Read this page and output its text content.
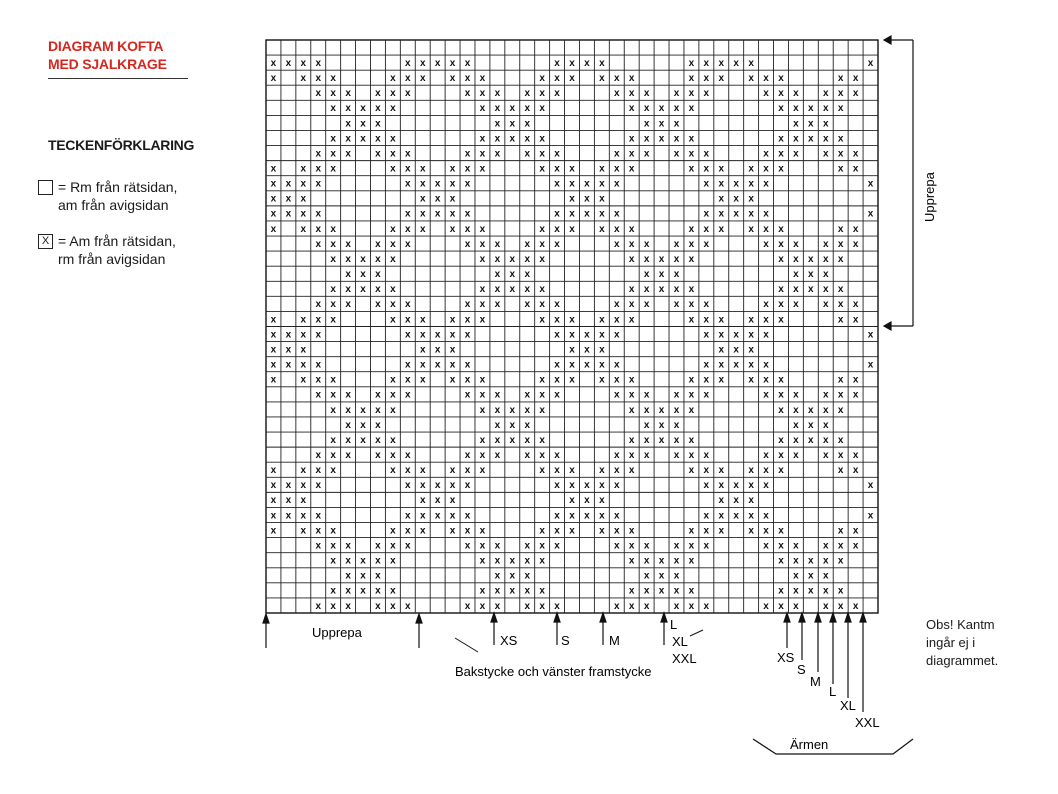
DIAGRAM KOFTA
MED SJALKRAGE
TECKENFÖRKLARING
= Rm från rätsidan,
am från avigsidan
X = Am från rätsidan,
rm från avigsidan
x x x x	x x x x x	x x x x	x x x x x	x
x x x x	x x x x x x	x x x x x x	x x x x x x	x x
x x x x x x	x x x x x x	x x x x x x	x x x x x x
x x x x x	x x x x x	x x x x x	x x x x x
x x x	x x x	x x x	x x x
x x x x x	x x x x x	x x x x x	x x x x x
x x x x x x	x x x x x x	x x x x x x	x x x x x x
x x x x	x x x x x x	x x x x x x	x x x x x x	x x
x x x x	x x x x x	x x x x x	x x x x x	x
x x x	x x x	x x x	x x x
x x x x	x x x x x	x x x x x	x x x x x	x
x x x x	x x x x x x	x x x x x x	x x x x x x	x x
x x x x x x	x x x x x x	x x x x x x	x x x x x x
x x x x x	x x x x x	x x x x x	x x x x x
x x x	x x x	x x x	x x x
x x x x x	x x x x x	x x x x x	x x x x x
x x x x x x	x x x x x x	x x x x x x	x x x x x x
x x x x	x x x x x x	x x x x x x	x x x x x x	x x
x x x x	x x x x x	x x x x x	x x x x x	x
x x x	x x x	x x x	x x x
x x x x	x x x x x	x x x x x	x x x x x	x
x x x x	x x x x x x	x x x x x x	x x x x x x	x x
x x x x x x	x x x x x x	x x x x x x	x x x x x x
x x x x x	x x x x x	x x x x x	x x x x x
x x x	x x x	x x x	x x x
x x x x x	x x x x x	x x x x x	x x x x x
x x x x x x	x x x x x x	x x x x x x	x x x x x x
x x x x	x x x x x x	x x x x x x	x x x x x x	x x
x x x x	x x x x x	x x x x x	x x x x x	x
x x x	x x x	x x x	x x x
x x x x	x x x x x	x x x x x	x x x x x	x
x x x x	x x x x x x	x x x x x x	x x x x x x	x x
x x x x x x	x x x x x x	x x x x x x	x x x x x x
x x x x x	x x x x x	x x x x x	x x x x x
x x x	x x x	x x x	x x x
x x x x x	x x x x x	x x x x x	x x x x x
x x x x x x	x x x x x x	x x x x x x	x x x x x x
Upprepa
Upprepa
XS	S	M
L
XL
XXL
Bakstycke och vänster framstycke
XS
S
M
L
XL
XXL
Ärmen
Obs! Kantm
ingår ej i
diagrammet.
